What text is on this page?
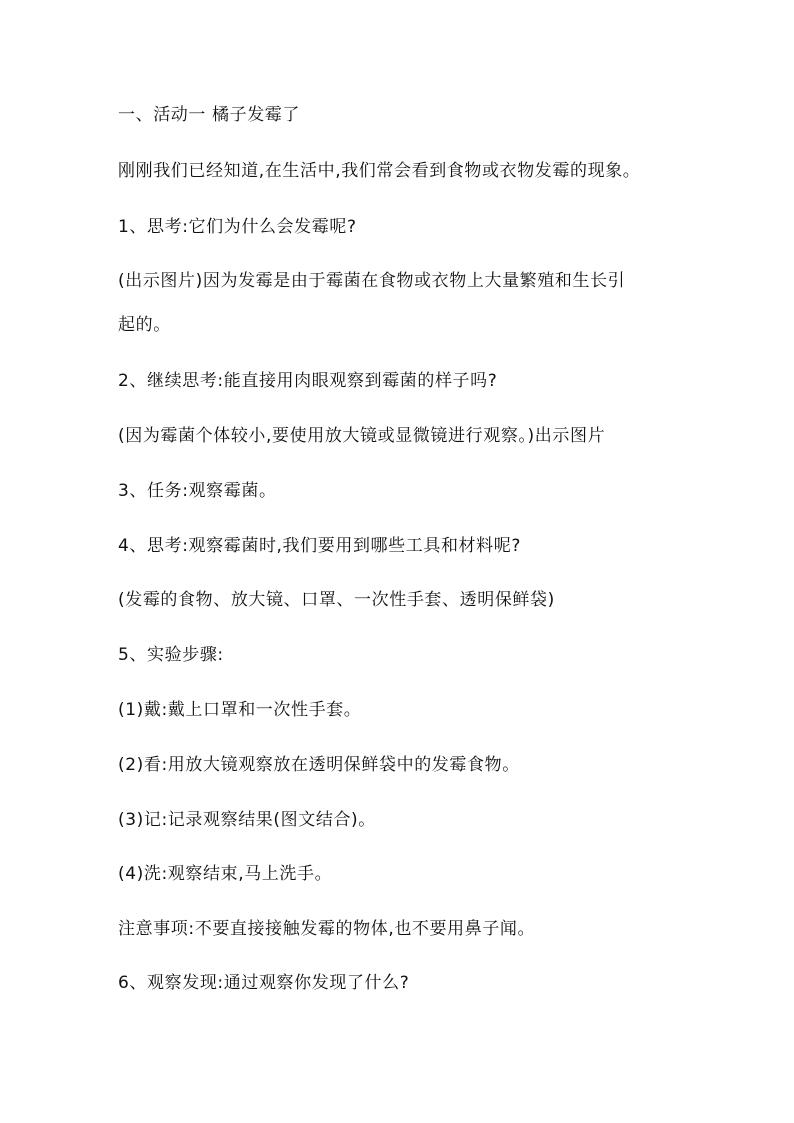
一、活动一 橘子发霉了
刚刚我们已经知道,在生活中,我们常会看到食物或衣物发霉的现象。
1、思考:它们为什么会发霉呢?
(出示图片)因为发霉是由于霉菌在食物或衣物上大量繁殖和生长引
起的。
2、继续思考:能直接用肉眼观察到霉菌的样子吗?
(因为霉菌个体较小,要使用放大镜或显微镜进行观察。)出示图片
3、任务:观察霉菌。
4、思考:观察霉菌时,我们要用到哪些工具和材料呢?
(发霉的食物、放大镜、口罩、一次性手套、透明保鲜袋)
5、实验步骤:
(1)戴:戴上口罩和一次性手套。
(2)看:用放大镜观察放在透明保鲜袋中的发霉食物。
(3)记:记录观察结果(图文结合)。
(4)洗:观察结束,马上洗手。
注意事项:不要直接接触发霉的物体,也不要用鼻子闻。
6、观察发现:通过观察你发现了什么?
